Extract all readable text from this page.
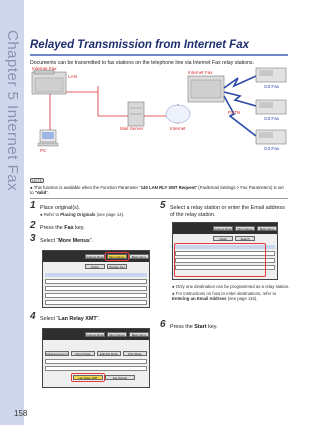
Chapter 5 Internet Fax Relayed Transmission from Internet Fax
Documents can be transmitted to fax stations on the telephone line via Internet Fax relay stations.
Internet Fax
LAN
Mail Server	Internet
Internet Fax
PSTN
PC
G3 Fax
G3 Fax
G3 Fax
NOTE
● This function is available when the Function Parameter “140 LAN RLY XMT Request” (Fax/Email Settings > Fax Parameters) is set to “Valid”.
1 Place original(s).
● Refer to Placing Originals (see page 14).
2 Press the Fax key.
3 Select “More Menus”.
Address Book	More Menus	Basic Menu
Option	Number Key
4 Select “Lan Relay XMT”.
Address Book	More Menus	Basic Menu
Advanced Comm.	Direct Mode	Edit File Mode	Print Mode
Lan Relay XMT	Fax Sender
5 Select a relay station or enter the Email address of the relay station.
Address Book	More Menus	Basic Menu
Quick	Search
● Only one destination can be programmed as a relay station.
● For instructions on how to enter destinations, refer to Entering an Email Address (see page 116).
6 Press the Start key.
158
